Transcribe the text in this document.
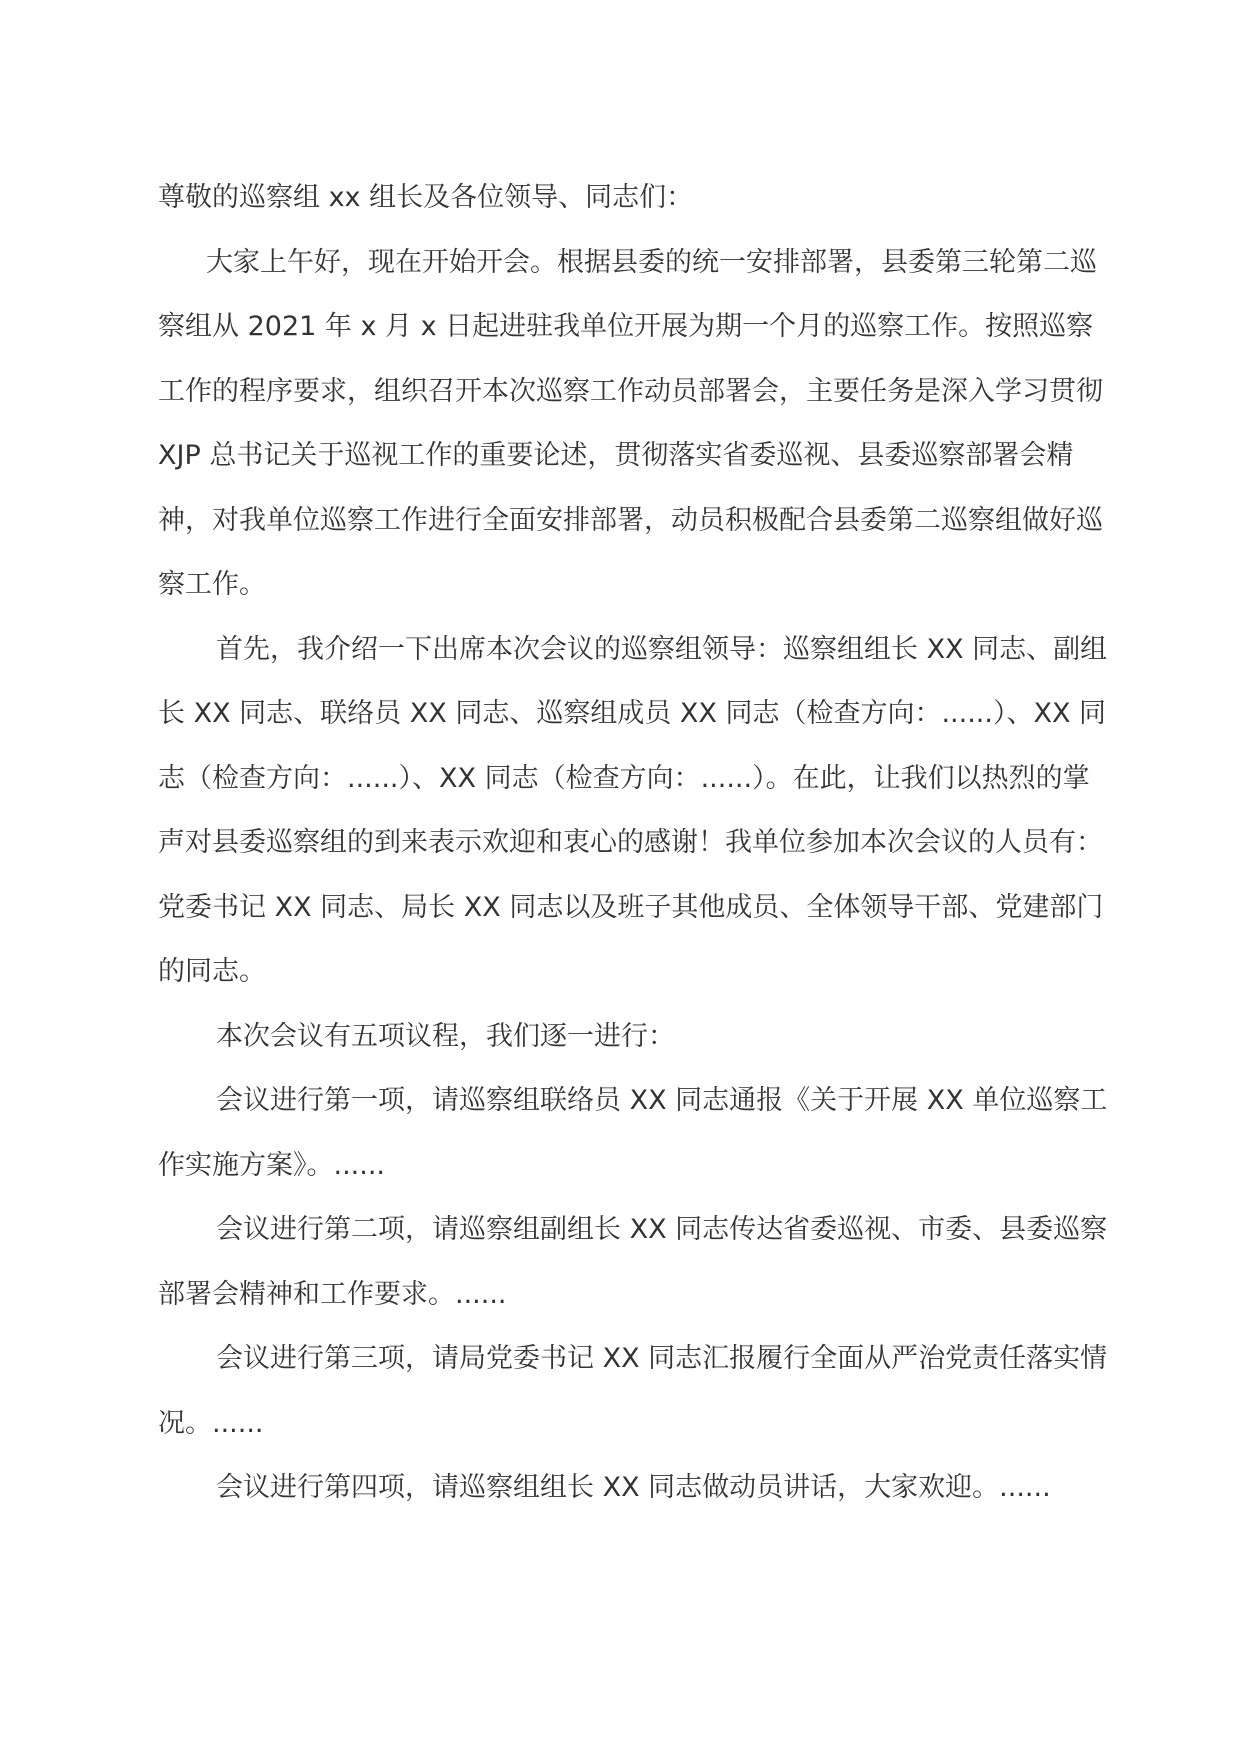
尊敬的巡察组 xx 组长及各位领导、同志们：

大家上午好，现在开始开会。根据县委的统一安排部署，县委第三轮第二巡察组从 2021 年 x 月 x 日起进驻我单位开展为期一个月的巡察工作。按照巡察工作的程序要求，组织召开本次巡察工作动员部署会，主要任务是深入学习贯彻 XJP 总书记关于巡视工作的重要论述，贯彻落实省委巡视、县委巡察部署会精神，对我单位巡察工作进行全面安排部署，动员积极配合县委第二巡察组做好巡察工作。

首先，我介绍一下出席本次会议的巡察组领导：巡察组组长 XX 同志、副组长 XX 同志、联络员 XX 同志、巡察组成员 XX 同志（检查方向：......）、XX 同志（检查方向：......）、XX 同志（检查方向：......）。在此，让我们以热烈的掌声对县委巡察组的到来表示欢迎和衷心的感谢！我单位参加本次会议的人员有：党委书记 XX 同志、局长 XX 同志以及班子其他成员、全体领导干部、党建部门的同志。

本次会议有五项议程，我们逐一进行：

会议进行第一项，请巡察组联络员 XX 同志通报《关于开展 XX 单位巡察工作实施方案》。......

会议进行第二项，请巡察组副组长 XX 同志传达省委巡视、市委、县委巡察部署会精神和工作要求。......

会议进行第三项，请局党委书记 XX 同志汇报履行全面从严治党责任落实情况。......

会议进行第四项，请巡察组组长 XX 同志做动员讲话，大家欢迎。......
